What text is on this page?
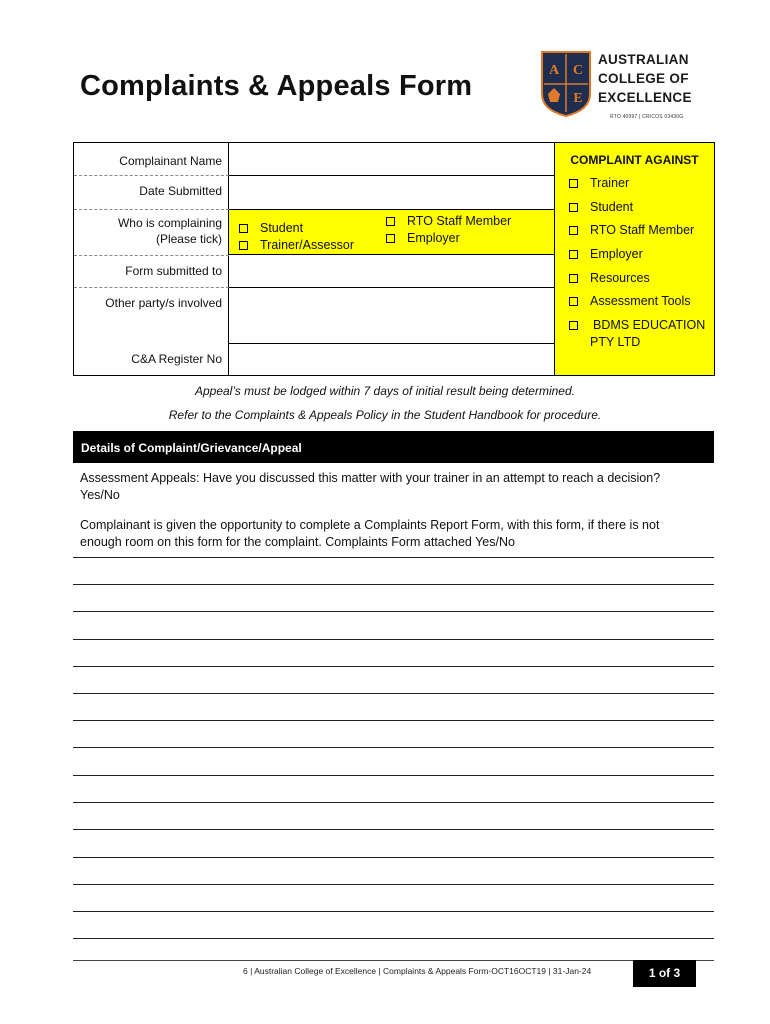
Complaints & Appeals Form	A C
E
AUSTRALIAN
COLLEGE OF
EXCELLENCE
RTO 40997 | CRICOS 03430G
Complainant Name
Date Submitted
Who is complaining
(Please tick)
Form submitted to
Other party/s involved
C&A Register No
Student
Trainer/Assessor
RTO Staff Member
Employer
COMPLAINT AGAINST
Trainer
Student
RTO Staff Member
Employer
Resources
Assessment Tools
BDMS EDUCATION
PTY LTD
Appeal’s must be lodged within 7 days of initial result being determined.
Refer to the Complaints & Appeals Policy in the Student Handbook for procedure.
Details of Complaint/Grievance/Appeal
Assessment Appeals: Have you discussed this matter with your trainer in an attempt to reach a decision? Yes/No
Complainant is given the opportunity to complete a Complaints Report Form, with this form, if there is not enough room on this form for the complaint. Complaints Form attached Yes/No
6 | Australian College of Excellence | Complaints & Appeals Form-OCT16OCT19 | 31-Jan-24	1 of 3
